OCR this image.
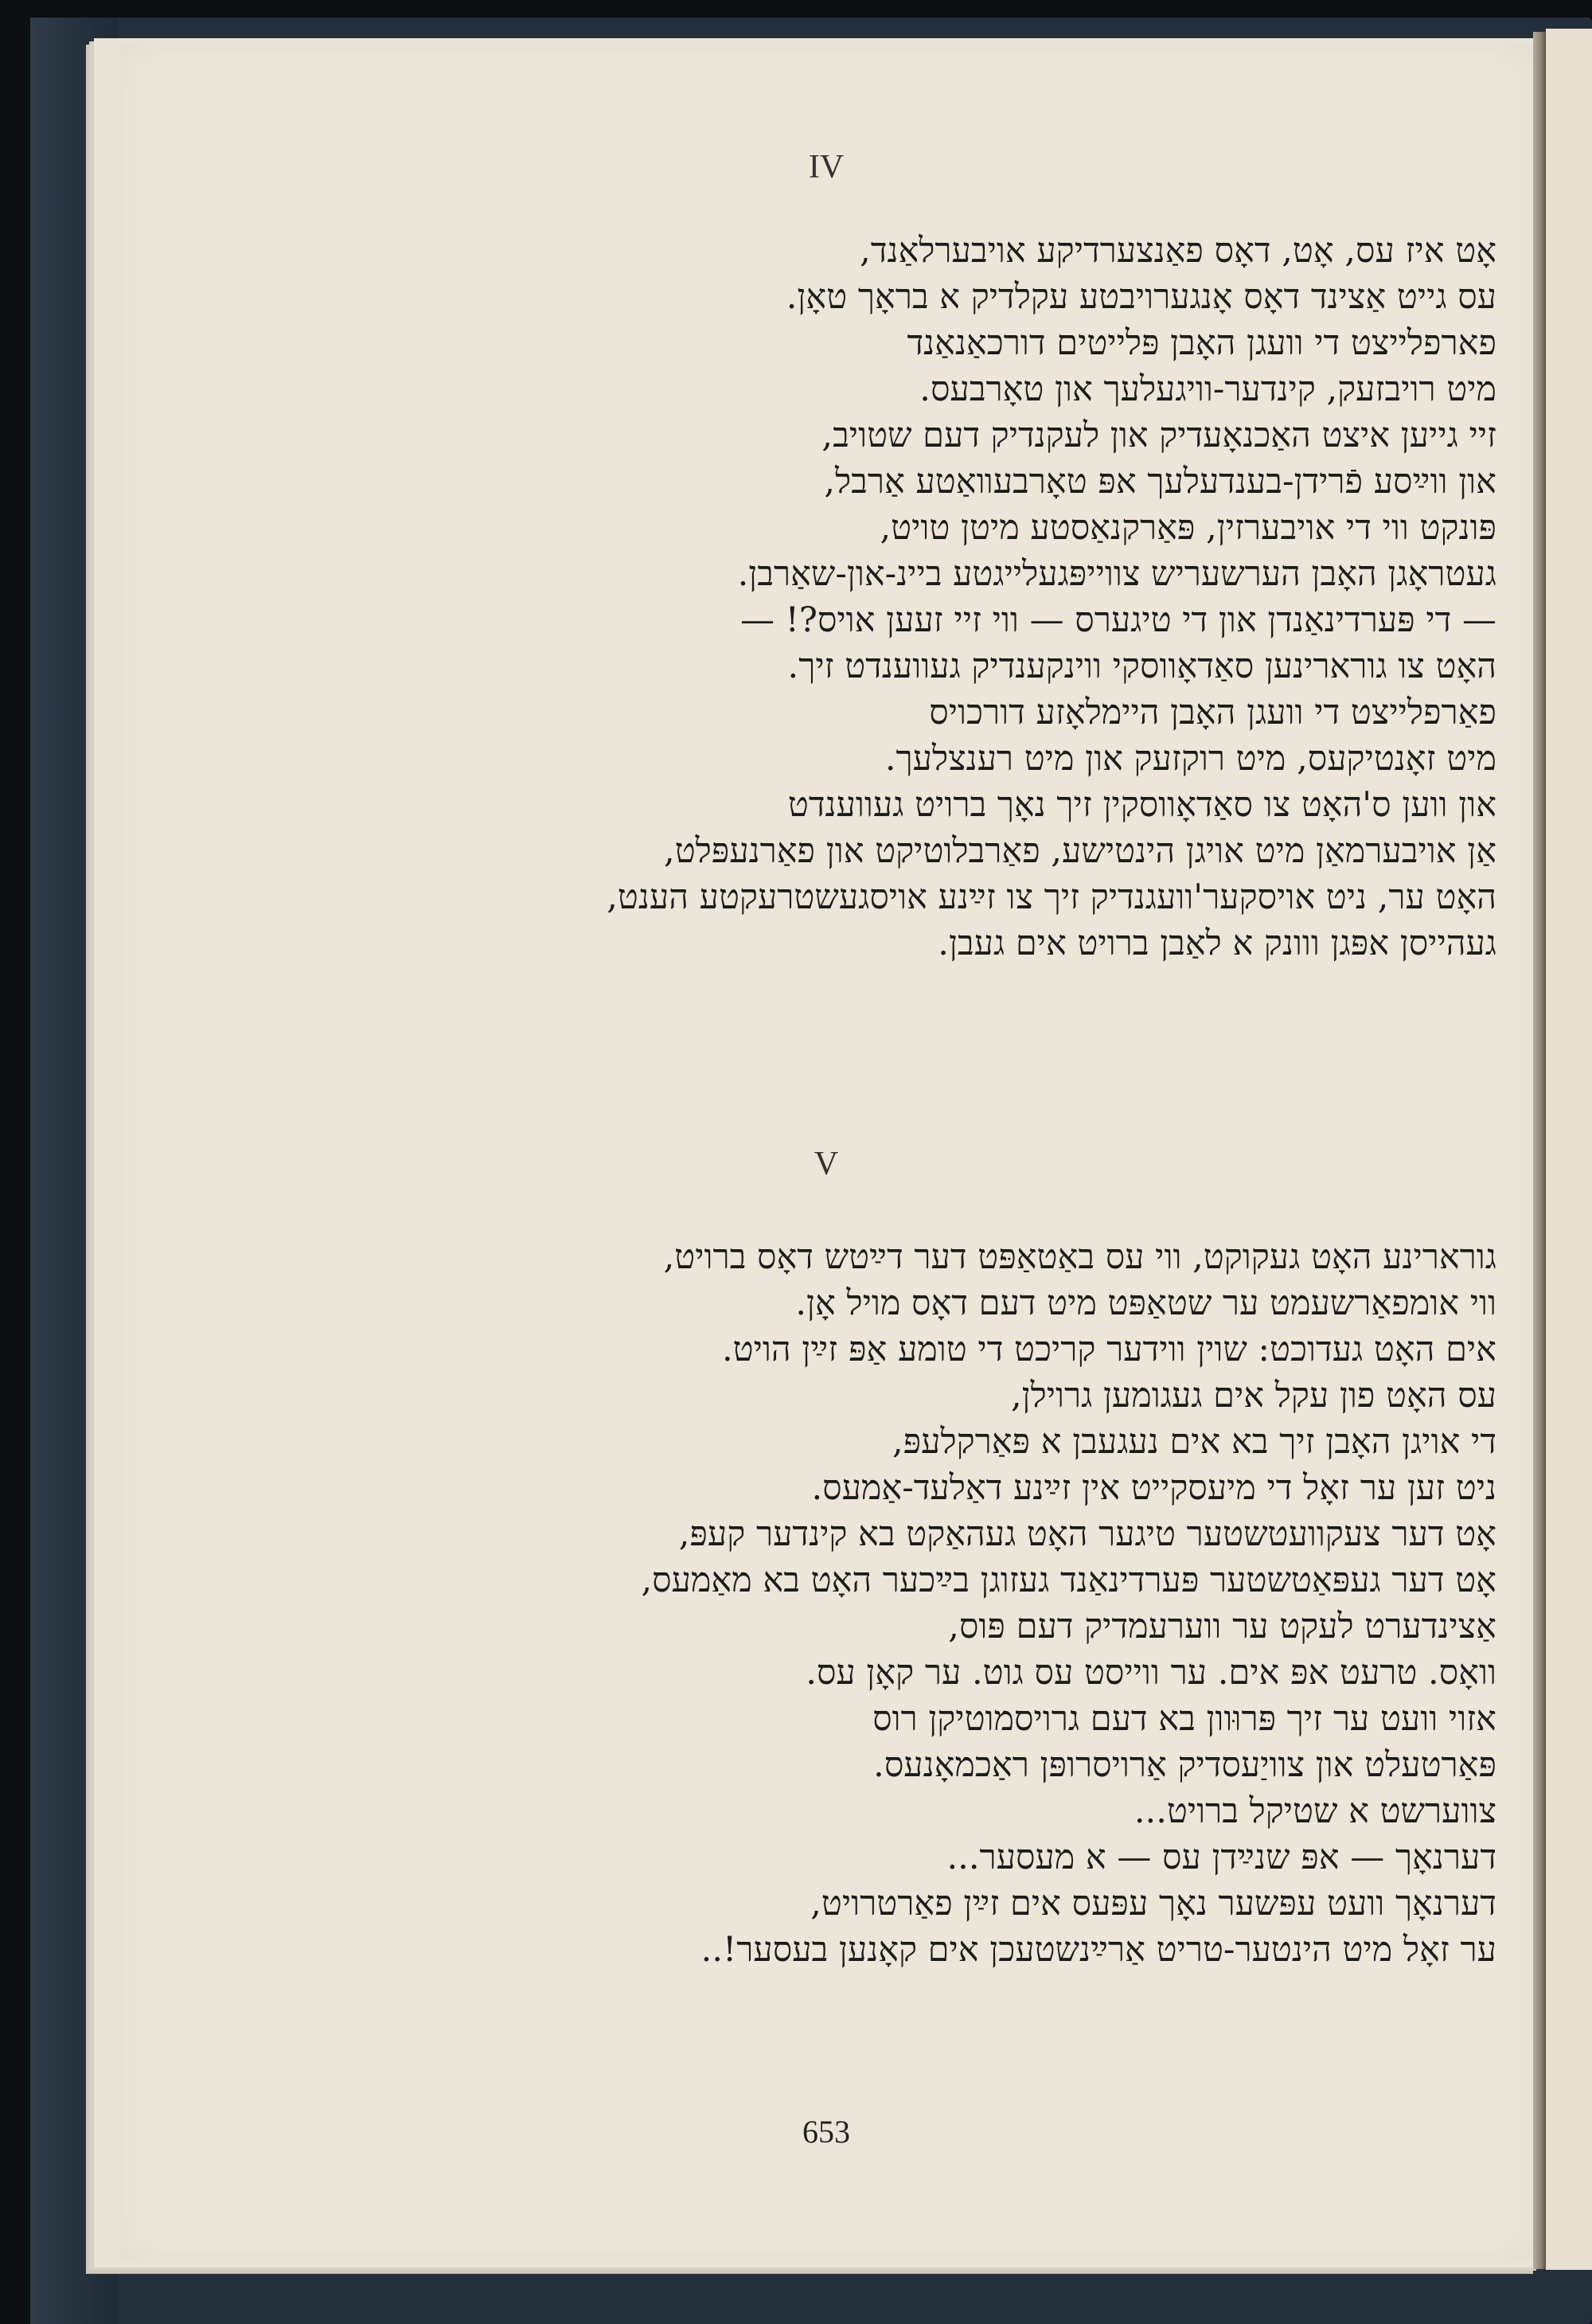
IV
V
653
אָט איז עס, אָט, דאָס פאַנצערדיקע אויבערלאַנד,
עס גייט אַצינד דאָס אָנגערויבטע עקלדיק א בראָך טאָן.
פארפלייצט די וועגן האָבן פּלייטים דורכאַנאַנד
מיט רויבזעק, קינדער-וויגעלעך און טאָרבעס.
זיי גייען איצט האַכנאָעדיק און לעקנדיק דעם שטויב,
און ווײַסע פֿרידן-בענדעלעך אפּ טאָרבעװאַטע אַרבל,
פּונקט ווי די אויבערזין, פּאַרקנאַסטע מיטן טויט,
געטראָגן האָבן הערשעריש צווייפּגעלייגטע ביינ-און-שאַרבן.
— די פּערדינאַנדן און די טיגערס — ווי זיי זעען אויס?! —
האָט צו גורארינען סאַדאָווסקי ווינקענדיק געווענדט זיך.
פאַרפלייצט די וועגן האָבן היימלאָזע דורכויס
מיט זאָנטיקעס, מיט רוקזעק און מיט רענצלעך.
און ווען ס'האָט צו סאַדאָווסקין זיך נאָך ברויט געווענדט
אַן אויבערמאַן מיט אויגן הינטישע, פאַרבלוטיקט און פאַרנעפּלט,
האָט ער, ניט אויסקער'וועגנדיק זיך צו זײַנע אויסגעשטרעקטע הענט,
געהייסן אפּגן ווונק א לאַבן ברויט אים געבן.
גורארינע האָט געקוקט, ווי עס באַטאַפּט דער דײַטש דאָס ברויט,
ווי אומפאַרשעמט ער שטאַפּט מיט דעם דאָס מויל אָן.
אים האָט געדוכט: שוין ווידער קריכט די טומע אַפּ זײַן הויט.
עס האָט פון עקל אים געגומען גרוילן,
די אויגן האָבן זיך בא אים נעגעבן א פּאַרקלעפּ,
ניט זען ער זאָל די מיעסקייט אין זײַנע דאַלעד-אַמעס.
אָט דער צעקוועטשטער טיגער האָט געהאַקט בא קינדער קעפּ,
אָט דער געפּאַטשטער פּערדינאַנד געזוגן בײַכער האָט בא מאַמעס,
אַצינדערט לעקט ער ווערעמדיק דעם פּוס,
וואָס. טרעט אפּ אים. ער ווייסט עס גוט. ער קאָן עס.
אזוי וועט ער זיך פּרוּוון בא דעם גרויסמוטיקן רוס
פּאַרטעלט און צוויַעסדיק אַרויסרופּן ראַכמאָנעס.
צווערשט א שטיקל ברויט...
דערנאָך — אפּ שנײַדן עס — א מעסער...
דערנאָך וועט עפּשער נאָך עפּעס אים זײַן פאַרטרויט,
ער זאָל מיט הינטער-טריט אַרײַנשטעכן אים קאָנען בעסער!..
